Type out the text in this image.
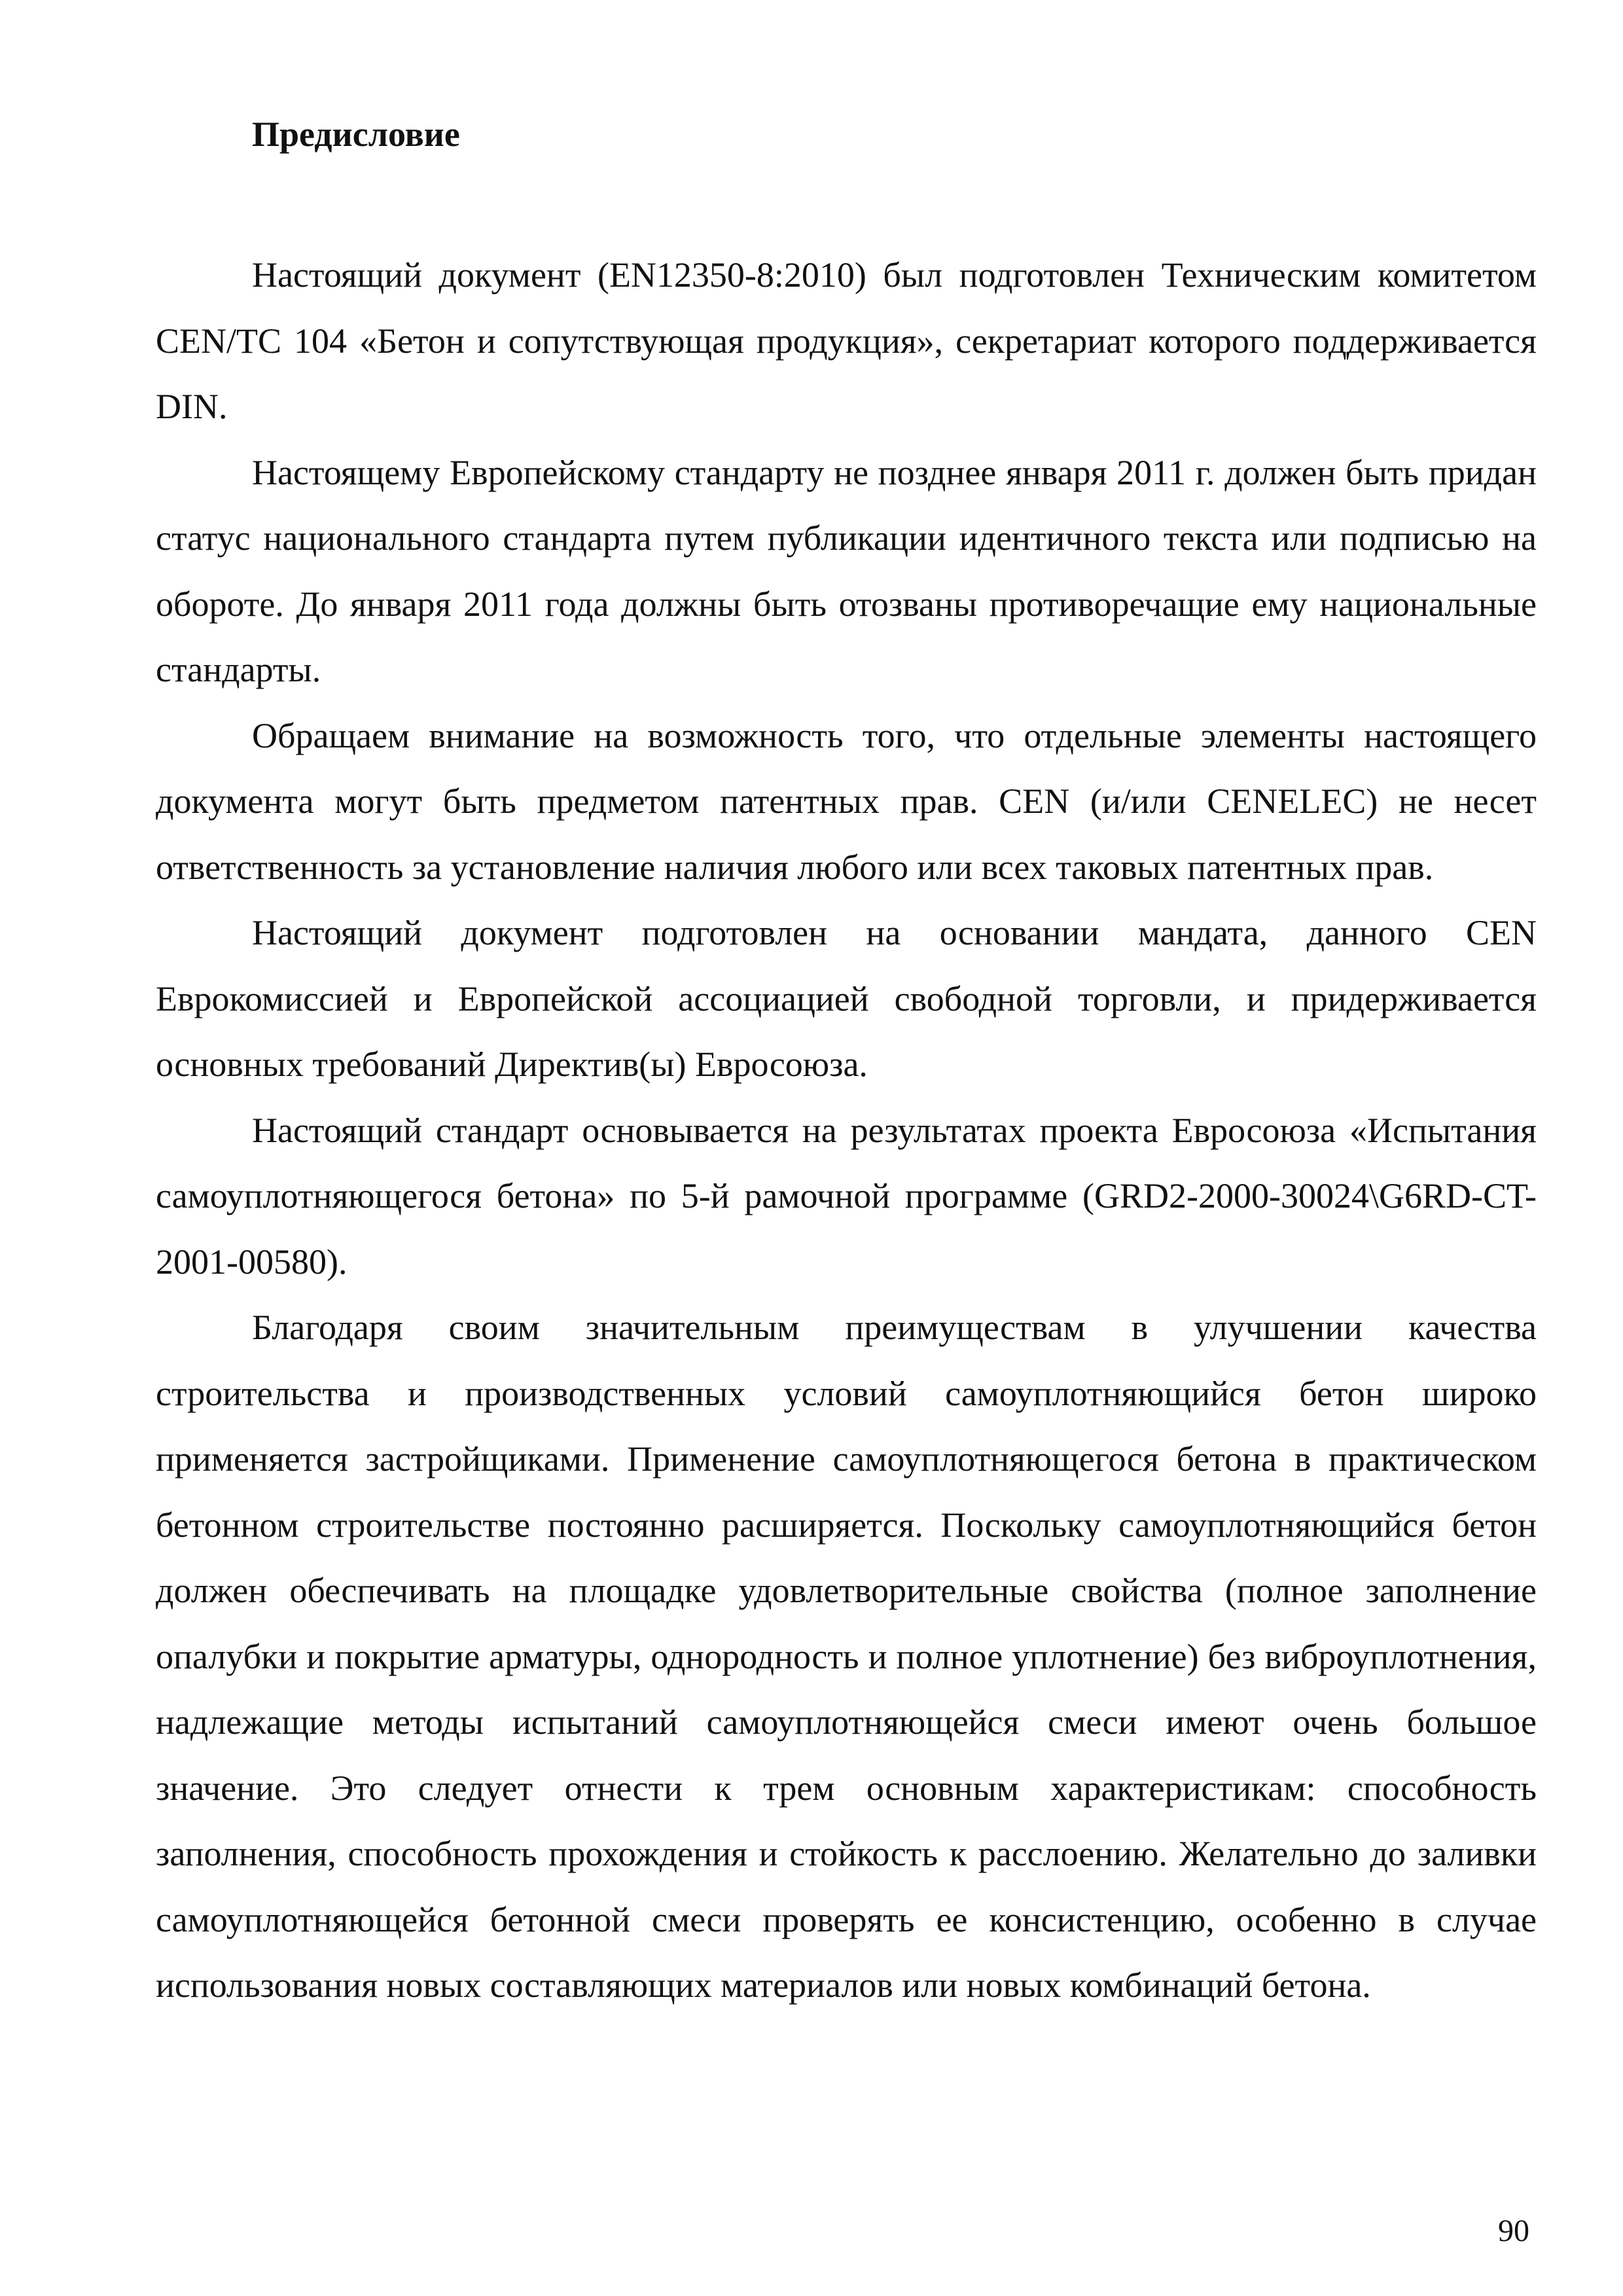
Предисловие

Настоящий документ (EN12350-8:2010) был подготовлен Техническим комитетом CEN/TC 104 «Бетон и сопутствующая продукция», секретариат которого поддерживается DIN.

Настоящему Европейскому стандарту не позднее января 2011 г. должен быть придан статус национального стандарта путем публикации идентичного текста или подписью на обороте. До января 2011 года должны быть отозваны противоречащие ему национальные стандарты.

Обращаем внимание на возможность того, что отдельные элементы настоящего документа могут быть предметом патентных прав. CEN (и/или CENELEC) не несет ответственность за установление наличия любого или всех таковых патентных прав.

Настоящий документ подготовлен на основании мандата, данного CEN Еврокомиссией и Европейской ассоциацией свободной торговли, и придерживается основных требований Директив(ы) Евросоюза.

Настоящий стандарт основывается на результатах проекта Евросоюза «Испытания самоуплотняющегося бетона» по 5-й рамочной программе (GRD2-2000-30024\G6RD-CT-2001-00580).

Благодаря своим значительным преимуществам в улучшении качества строительства и производственных условий самоуплотняющийся бетон широко применяется застройщиками. Применение самоуплотняющегося бетона в практическом бетонном строительстве постоянно расширяется. Поскольку самоуплотняющийся бетон должен обеспечивать на площадке удовлетворительные свойства (полное заполнение опалубки и покрытие арматуры, однородность и полное уплотнение) без виброуплотнения, надлежащие методы испытаний самоуплотняющейся смеси имеют очень большое значение. Это следует отнести к трем основным характеристикам: способность заполнения, способность прохождения и стойкость к расслоению. Желательно до заливки самоуплотняющейся бетонной смеси проверять ее консистенцию, особенно в случае использования новых составляющих материалов или новых комбинаций бетона.

90
